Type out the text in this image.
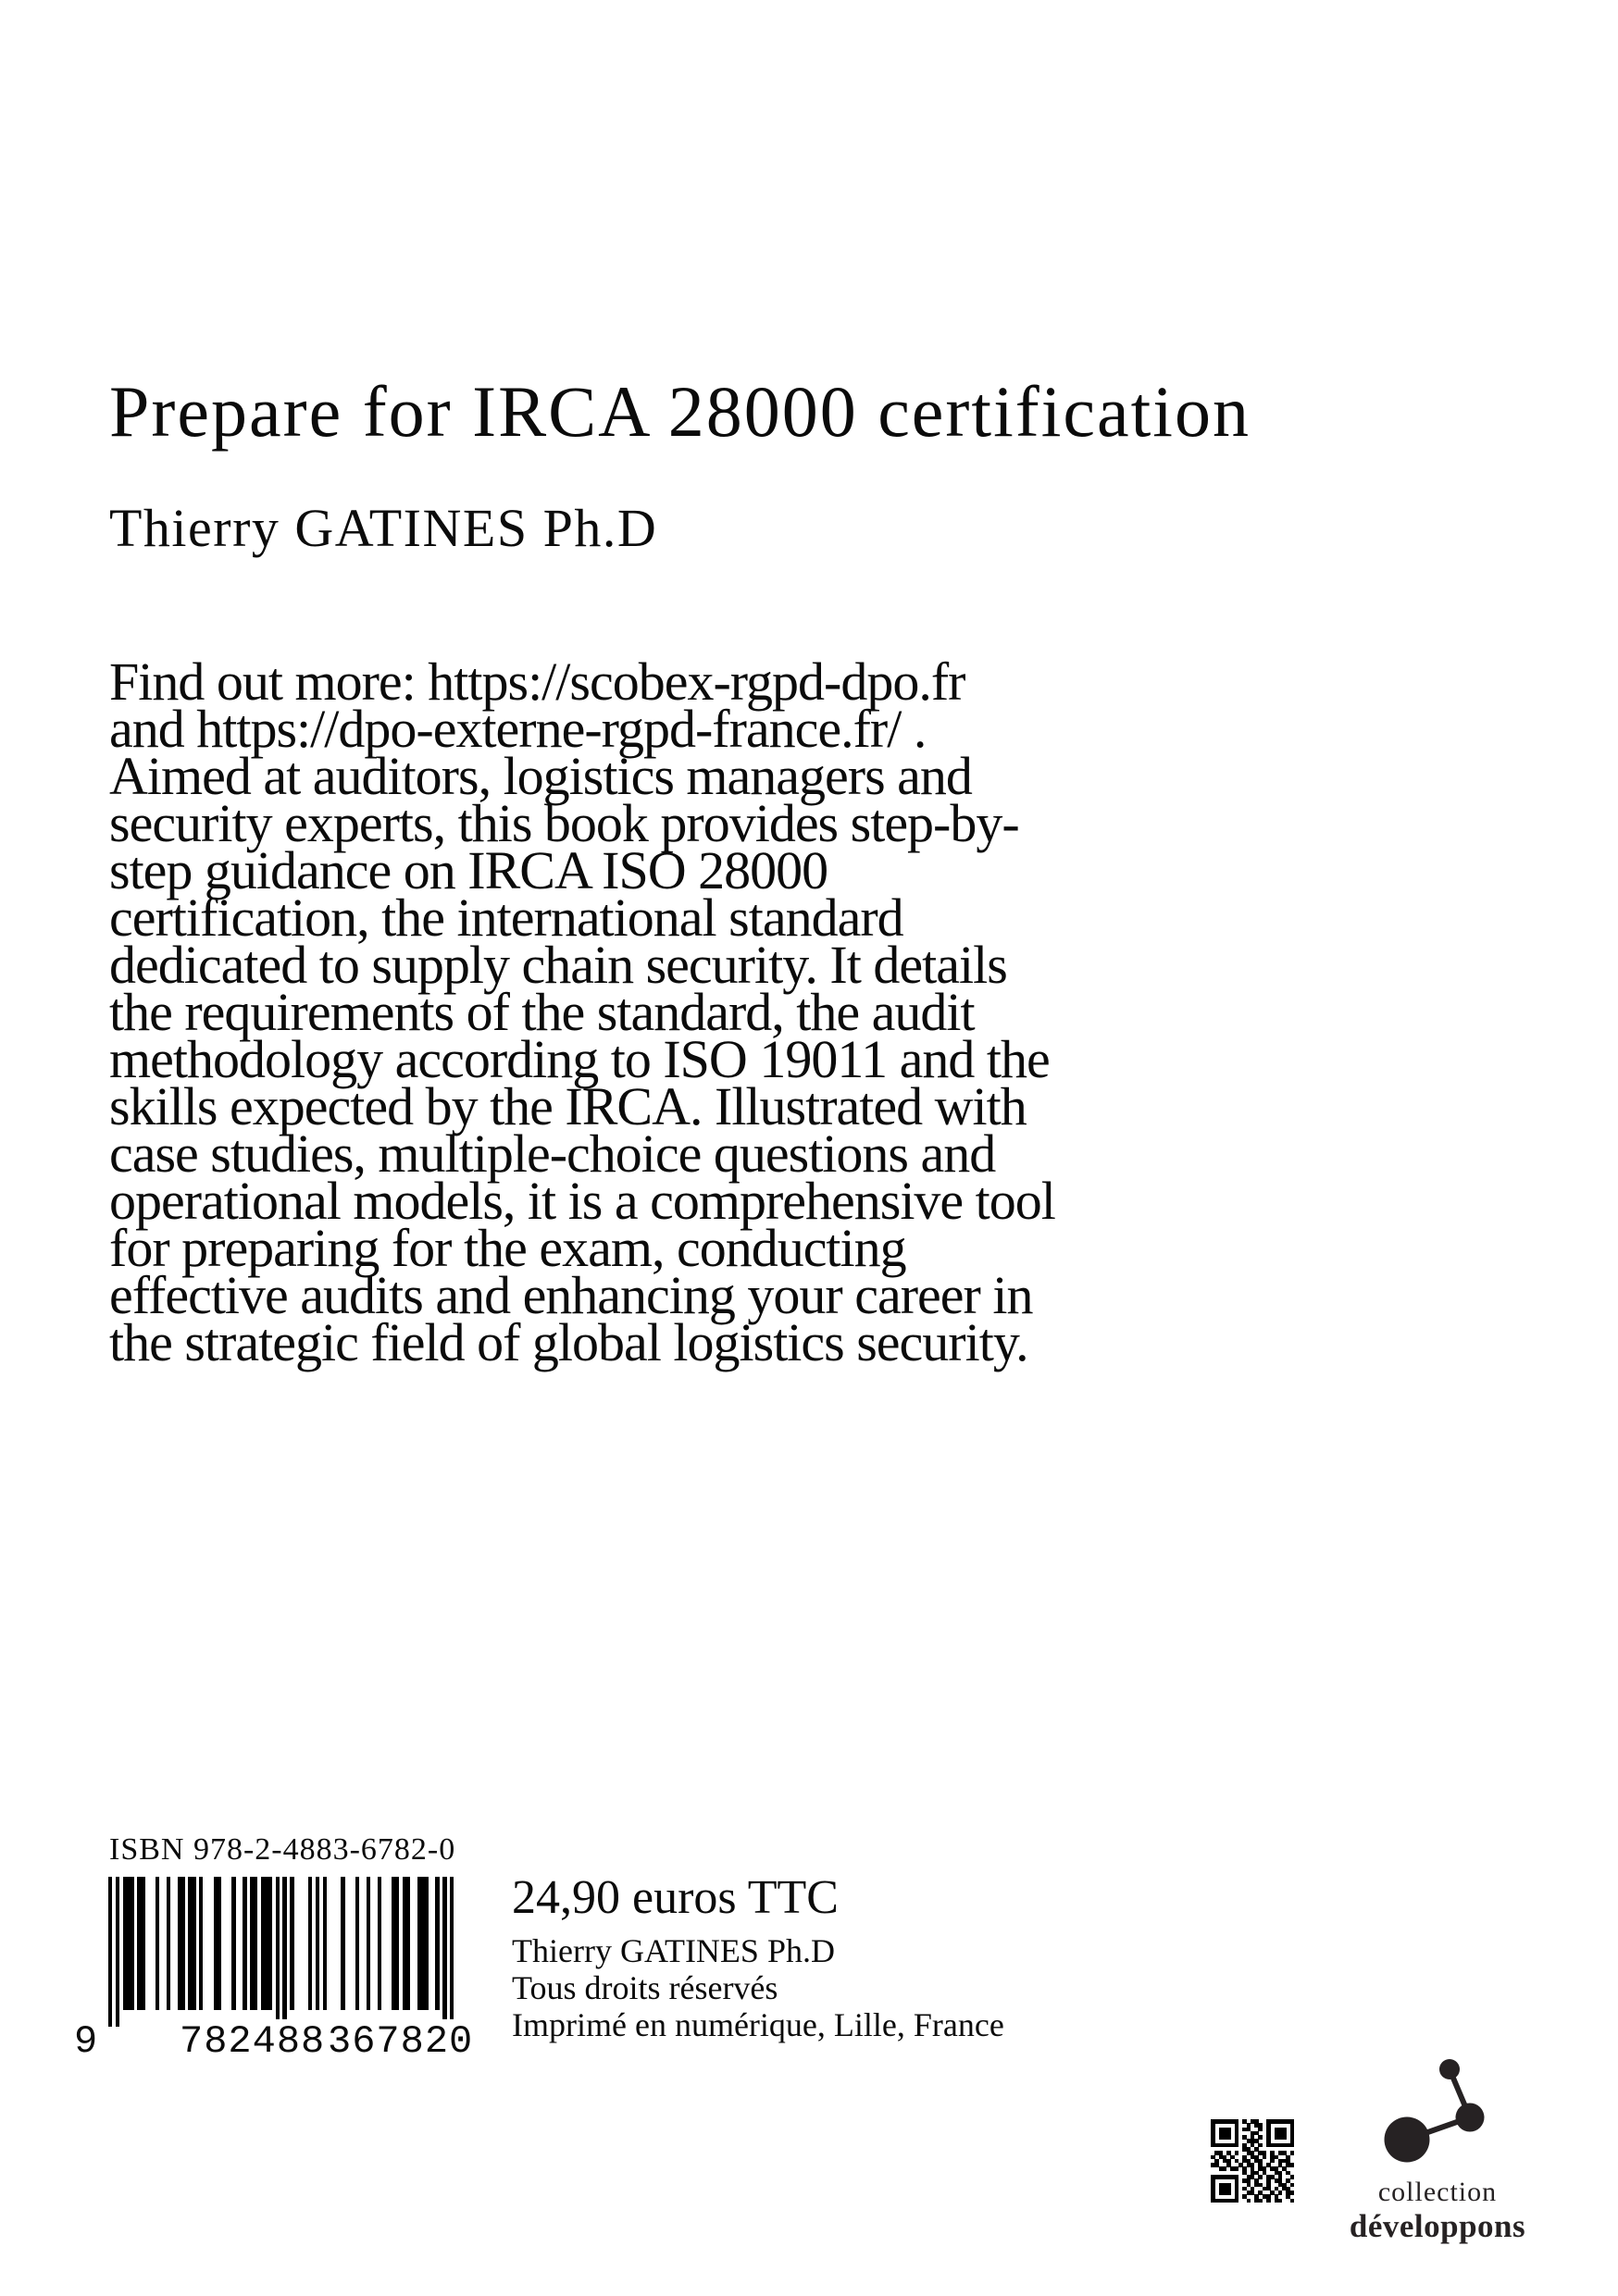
Prepare for IRCA 28000 certification
Thierry GATINES Ph.D
Find out more: https://scobex-rgpd-dpo.fr
and https://dpo-externe-rgpd-france.fr/ .
Aimed at auditors, logistics managers and
security experts, this book provides step-by-
step guidance on IRCA ISO 28000
certification, the international standard
dedicated to supply chain security. It details
the requirements of the standard, the audit
methodology according to ISO 19011 and the
skills expected by the IRCA. Illustrated with
case studies, multiple-choice questions and
operational models, it is a comprehensive tool
for preparing for the exam, conducting
effective audits and enhancing your career in
the strategic field of global logistics security.
ISBN 978-2-4883-6782-0
9 782488 367820
24,90 euros TTC
Thierry GATINES Ph.D
Tous droits réservés
Imprimé en numérique, Lille, France
collection
développons
